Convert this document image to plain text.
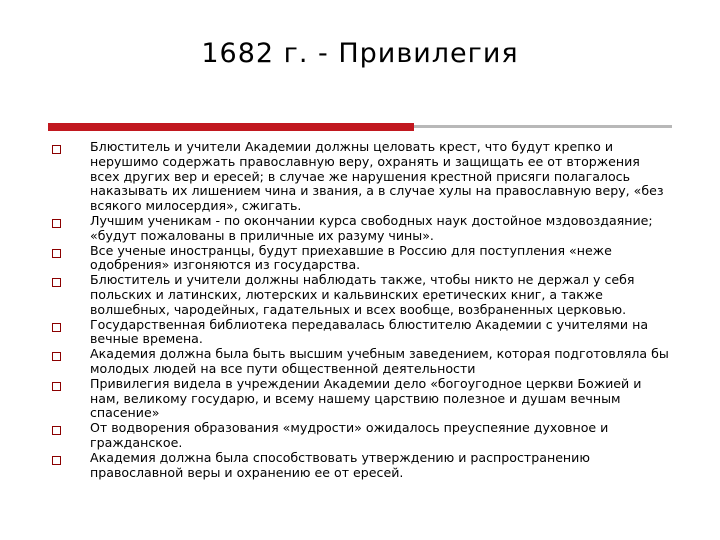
1682 г. - Привилегия
Блюститель и учители Академии должны целовать крест, что будут крепко и нерушимо содержать православную веру, охранять и защищать ее от вторжения всех других вер и ересей; в случае же нарушения крестной присяги полагалось наказывать их лишением чина и звания, а в случае хулы на православную веру, «без всякого милосердия», сжигать.
Лучшим ученикам - по окончании курса свободных наук достойное мздовоздаяние; «будут пожалованы в приличные их разуму чины».
Все ученые иностранцы, будут приехавшие в Россию для поступления «неже одобрения» изгоняются из государства.
Блюститель и учители должны наблюдать также, чтобы никто не держал у себя польских и латинских, лютерских и кальвинских еретических книг, а также волшебных, чародейных, гадательных и всех вообще, возбраненных церковью.
Государственная библиотека передавалась блюстителю Академии с учителями на вечные времена.
Академия должна была быть высшим учебным заведением, которая подготовляла бы молодых людей на все пути общественной деятельности
Привилегия видела в учреждении Академии дело «богоугодное церкви Божией и нам, великому государю, и всему нашему царствию полезное и душам вечным спасение»
От водворения образования «мудрости» ожидалось преуспеяние духовное и гражданское.
Академия должна была способствовать утверждению и распространению православной веры и охранению ее от ересей.
